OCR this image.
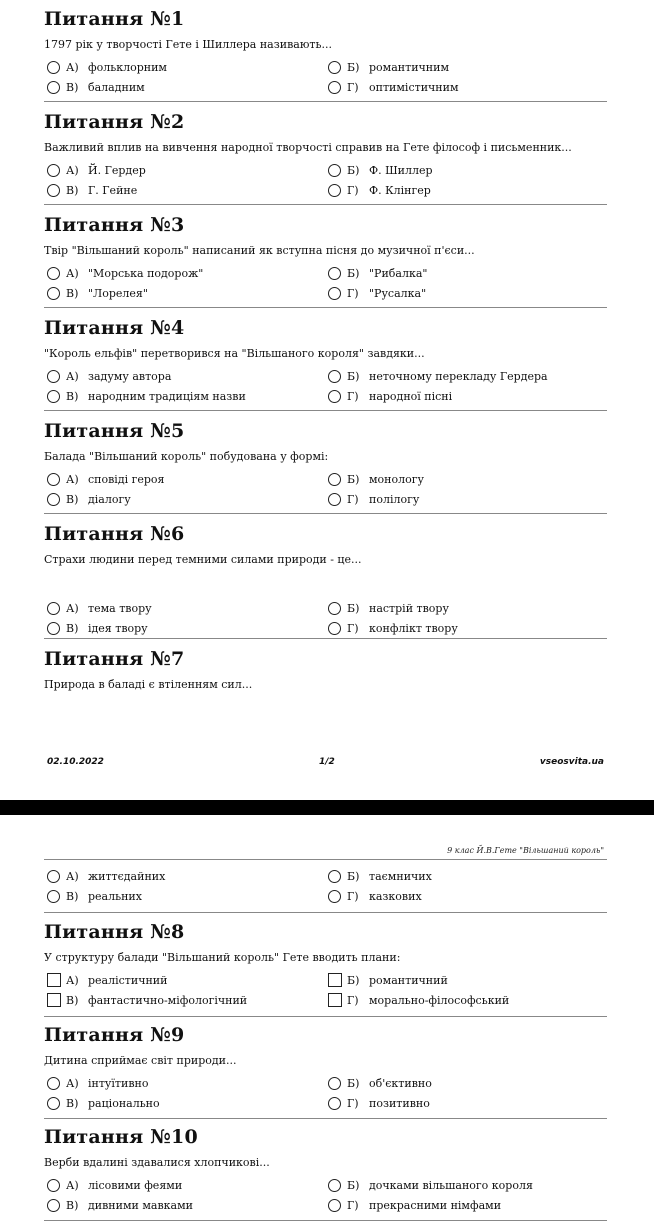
Питання №1
1797 рік у творчості Гете і Шиллера називають...
А) фольклорним	Б) романтичним
В) баладним	Г) оптимістичним
Питання №2
Важливий вплив на вивчення народної творчості справив на Гете філософ і письменник...
А) Й. Гердер	Б) Ф. Шиллер
В) Г. Гейне	Г) Ф. Клінгер
Питання №3
Твір "Вільшаний король" написаний як вступна пісня до музичної п'єси...
А) "Морська подорож"	Б) "Рибалка"
В) "Лорелея"	Г) "Русалка"
Питання №4
"Король ельфів" перетворився на "Вільшаного короля" завдяки...
А) задуму автора	Б) неточному перекладу Гердера
В) народним традиціям назви	Г) народної пісні
Питання №5
Балада "Вільшаний король" побудована у формі:
А) сповіді героя	Б) монологу
В) діалогу	Г) полілогу
Питання №6
Страхи людини перед темними силами природи - це...
А) тема твору	Б) настрій твору
В) ідея твору	Г) конфлікт твору
Питання №7
Природа в баладі є втіленням сил...
02.10.2022	1/2	vseosvita.ua
9 клас Й.В.Гете "Вільшаний король"
А) життєдайних	Б) таємничих
В) реальних	Г) казкових
Питання №8
У структуру балади "Вільшаний король" Гете вводить плани:
А) реалістичний	Б) романтичний
В) фантастично-міфологічний	Г) морально-філософський
Питання №9
Дитина сприймає світ природи...
А) інтуїтивно	Б) об'єктивно
В) раціонально	Г) позитивно
Питання №10
Верби вдалині здавалися хлопчикові...
А) лісовими феями	Б) дочками вільшаного короля
В) дивними мавками	Г) прекрасними німфами
